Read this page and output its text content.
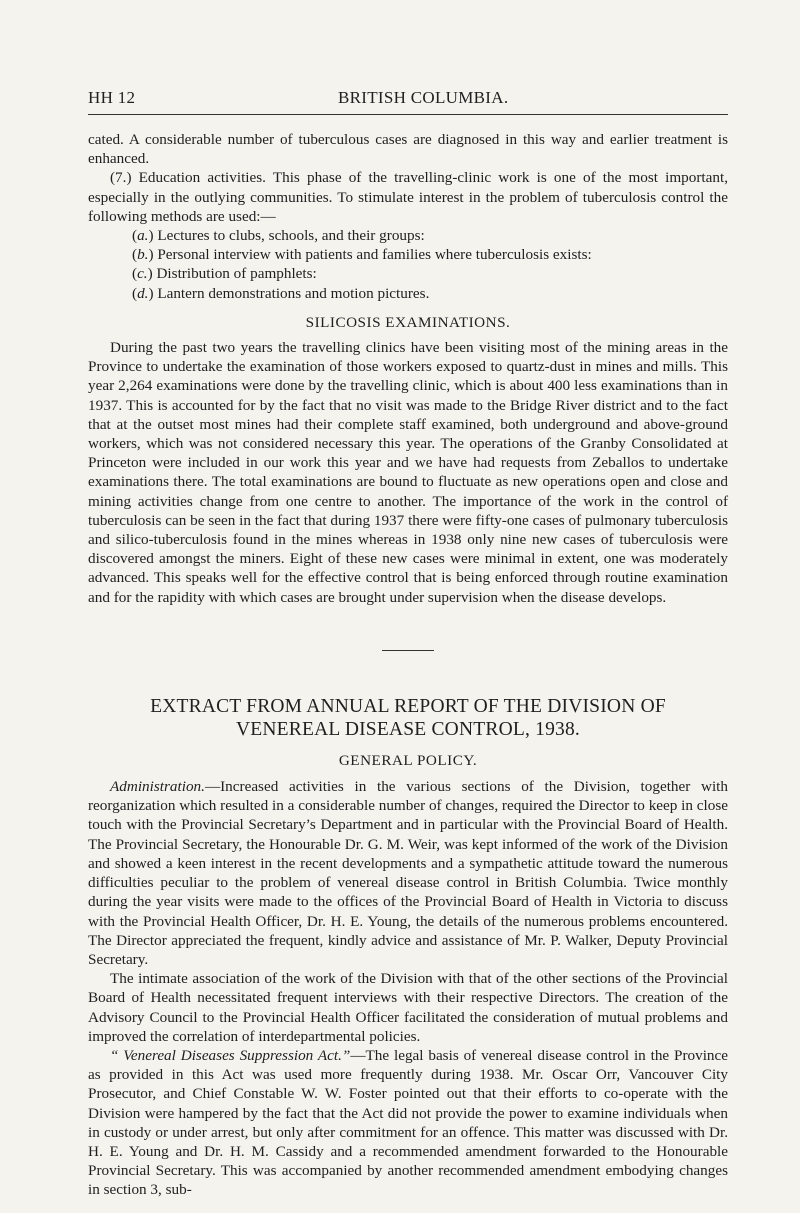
HH 12	BRITISH COLUMBIA.

cated. A considerable number of tuberculous cases are diagnosed in this way and earlier treatment is enhanced.

(7.) Education activities. This phase of the travelling-clinic work is one of the most important, especially in the outlying communities. To stimulate interest in the problem of tuberculosis control the following methods are used:—

(a.) Lectures to clubs, schools, and their groups:

(b.) Personal interview with patients and families where tuberculosis exists:

(c.) Distribution of pamphlets:

(d.) Lantern demonstrations and motion pictures.

SILICOSIS EXAMINATIONS.

During the past two years the travelling clinics have been visiting most of the mining areas in the Province to undertake the examination of those workers exposed to quartz-dust in mines and mills. This year 2,264 examinations were done by the travelling clinic, which is about 400 less examinations than in 1937. This is accounted for by the fact that no visit was made to the Bridge River district and to the fact that at the outset most mines had their complete staff examined, both underground and above-ground workers, which was not considered necessary this year. The operations of the Granby Consolidated at Princeton were included in our work this year and we have had requests from Zeballos to undertake examinations there. The total examinations are bound to fluctuate as new operations open and close and mining activities change from one centre to another. The importance of the work in the control of tuberculosis can be seen in the fact that during 1937 there were fifty-one cases of pulmonary tuberculosis and silico-tuberculosis found in the mines whereas in 1938 only nine new cases of tuberculosis were discovered amongst the miners. Eight of these new cases were minimal in extent, one was moderately advanced. This speaks well for the effective control that is being enforced through routine examination and for the rapidity with which cases are brought under supervision when the disease develops.

EXTRACT FROM ANNUAL REPORT OF THE DIVISION OF
VENEREAL DISEASE CONTROL, 1938.
GENERAL POLICY.

Administration.—Increased activities in the various sections of the Division, together with reorganization which resulted in a considerable number of changes, required the Director to keep in close touch with the Provincial Secretary’s Department and in particular with the Provincial Board of Health. The Provincial Secretary, the Honourable Dr. G. M. Weir, was kept informed of the work of the Division and showed a keen interest in the recent developments and a sympathetic attitude toward the numerous difficulties peculiar to the problem of venereal disease control in British Columbia. Twice monthly during the year visits were made to the offices of the Provincial Board of Health in Victoria to discuss with the Provincial Health Officer, Dr. H. E. Young, the details of the numerous problems encountered. The Director appreciated the frequent, kindly advice and assistance of Mr. P. Walker, Deputy Provincial Secretary.

The intimate association of the work of the Division with that of the other sections of the Provincial Board of Health necessitated frequent interviews with their respective Directors. The creation of the Advisory Council to the Provincial Health Officer facilitated the consideration of mutual problems and improved the correlation of interdepartmental policies.

“ Venereal Diseases Suppression Act.”—The legal basis of venereal disease control in the Province as provided in this Act was used more frequently during 1938. Mr. Oscar Orr, Vancouver City Prosecutor, and Chief Constable W. W. Foster pointed out that their efforts to co-operate with the Division were hampered by the fact that the Act did not provide the power to examine individuals when in custody or under arrest, but only after commitment for an offence. This matter was discussed with Dr. H. E. Young and Dr. H. M. Cassidy and a recommended amendment forwarded to the Honourable Provincial Secretary. This was accompanied by another recommended amendment embodying changes in section 3, sub-
